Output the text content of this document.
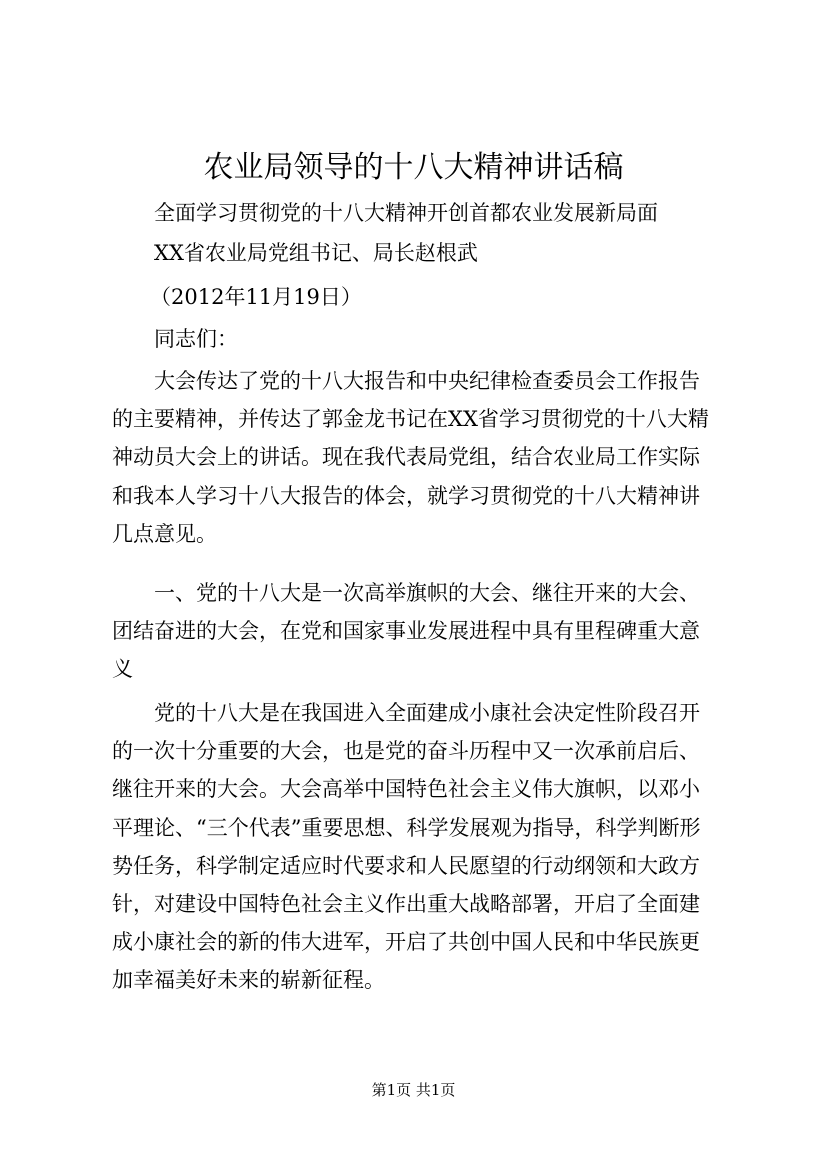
农业局领导的十八大精神讲话稿
全面学习贯彻党的十八大精神开创首都农业发展新局面
XX省农业局党组书记、局长赵根武
（2012年11月19日）
同志们：
大会传达了党的十八大报告和中央纪律检查委员会工作报告的主要精神，并传达了郭金龙书记在XX省学习贯彻党的十八大精神动员大会上的讲话。现在我代表局党组，结合农业局工作实际和我本人学习十八大报告的体会，就学习贯彻党的十八大精神讲几点意见。
一、党的十八大是一次高举旗帜的大会、继往开来的大会、团结奋进的大会，在党和国家事业发展进程中具有里程碑重大意义
党的十八大是在我国进入全面建成小康社会决定性阶段召开的一次十分重要的大会，也是党的奋斗历程中又一次承前启后、继往开来的大会。大会高举中国特色社会主义伟大旗帜，以邓小平理论、“三个代表”重要思想、科学发展观为指导，科学判断形势任务，科学制定适应时代要求和人民愿望的行动纲领和大政方针，对建设中国特色社会主义作出重大战略部署，开启了全面建成小康社会的新的伟大进军，开启了共创中国人民和中华民族更加幸福美好未来的崭新征程。
第1页 共1页
